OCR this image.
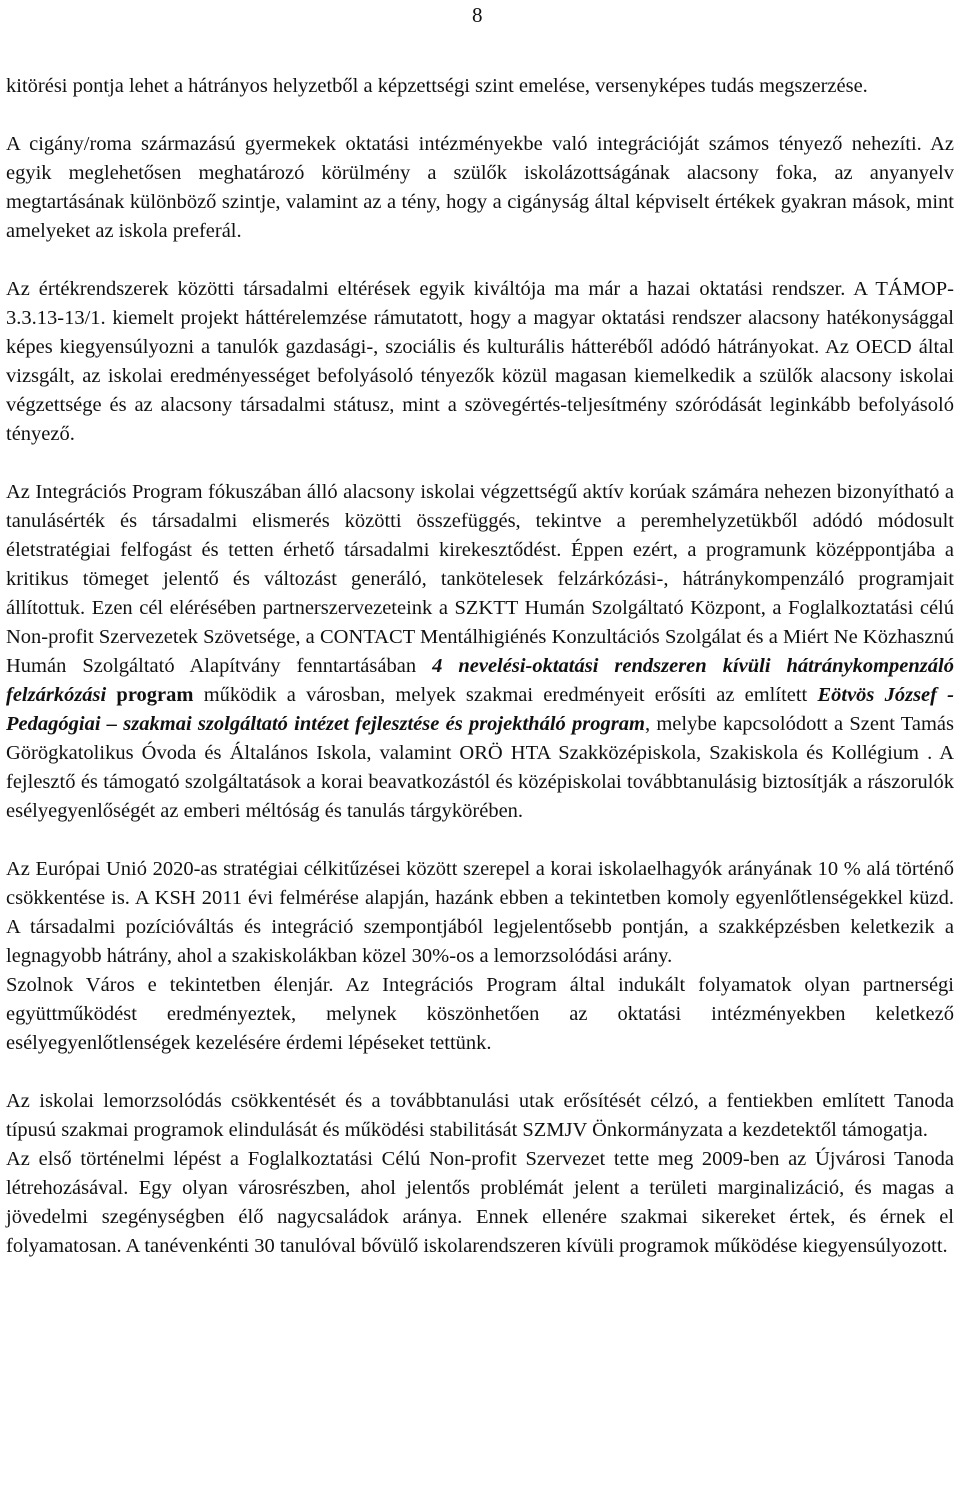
8

kitörési pontja lehet a hátrányos helyzetből a képzettségi szint emelése, versenyképes tudás megszerzése.

A cigány/roma származású gyermekek oktatási intézményekbe való integrációját számos tényező nehezíti. Az egyik meglehetősen meghatározó körülmény a szülők iskolázottságának alacsony foka, az anyanyelv megtartásának különböző szintje, valamint az a tény, hogy a cigányság által képviselt értékek gyakran mások, mint amelyeket az iskola preferál.

Az értékrendszerek közötti társadalmi eltérések egyik kiváltója ma már a hazai oktatási rendszer. A TÁMOP-3.3.13-13/1. kiemelt projekt háttérelemzése rámutatott, hogy a magyar oktatási rendszer alacsony hatékonysággal képes kiegyensúlyozni a tanulók gazdasági-, szociális és kulturális hátteréből adódó hátrányokat. Az OECD által vizsgált, az iskolai eredményességet befolyásoló tényezők közül magasan kiemelkedik a szülők alacsony iskolai végzettsége és az alacsony társadalmi státusz, mint a szövegértés-teljesítmény szóródását leginkább befolyásoló tényező.

Az Integrációs Program fókuszában álló alacsony iskolai végzettségű aktív korúak számára nehezen bizonyítható a tanulásérték és társadalmi elismerés közötti összefüggés, tekintve a peremhelyzetükből adódó módosult életstratégiai felfogást és tetten érhető társadalmi kirekesztődést. Éppen ezért, a programunk középpontjába a kritikus tömeget jelentő és változást generáló, tankötelesek felzárkózási-, hátránykompenzáló programjait állítottuk. Ezen cél elérésében partnerszervezeteink a SZKTT Humán Szolgáltató Központ, a Foglalkoztatási célú Non-profit Szervezetek Szövetsége, a CONTACT Mentálhigiénés Konzultációs Szolgálat és a Miért Ne Közhasznú Humán Szolgáltató Alapítvány fenntartásában 4 nevelési-oktatási rendszeren kívüli hátránykompenzáló felzárkózási program működik a városban, melyek szakmai eredményeit erősíti az említett Eötvös József - Pedagógiai – szakmai szolgáltató intézet fejlesztése és projektháló program, melybe kapcsolódott a Szent Tamás Görögkatolikus Óvoda és Általános Iskola, valamint ORÖ HTA Szakközépiskola, Szakiskola és Kollégium . A fejlesztő és támogató szolgáltatások a korai beavatkozástól és középiskolai továbbtanulásig biztosítják a rászorulók esélyegyenlőségét az emberi méltóság és tanulás tárgykörében.

Az Európai Unió 2020-as stratégiai célkitűzései között szerepel a korai iskolaelhagyók arányának 10 % alá történő csökkentése is. A KSH 2011 évi felmérése alapján, hazánk ebben a tekintetben komoly egyenlőtlenségekkel küzd. A társadalmi pozícióváltás és integráció szempontjából legjelentősebb pontján, a szakképzésben keletkezik a legnagyobb hátrány, ahol a szakiskolákban közel 30%-os a lemorzsolódási arány.

Szolnok Város e tekintetben élenjár. Az Integrációs Program által indukált folyamatok olyan partnerségi együttműködést eredményeztek, melynek köszönhetően az oktatási intézményekben keletkező esélyegyenlőtlenségek kezelésére érdemi lépéseket tettünk.

Az iskolai lemorzsolódás csökkentését és a továbbtanulási utak erősítését célzó, a fentiekben említett Tanoda típusú szakmai programok elindulását és működési stabilitását SZMJV Önkormányzata a kezdetektől támogatja.

Az első történelmi lépést a Foglalkoztatási Célú Non-profit Szervezet tette meg 2009-ben az Újvárosi Tanoda létrehozásával. Egy olyan városrészben, ahol jelentős problémát jelent a területi marginalizáció, és magas a jövedelmi szegénységben élő nagycsaládok aránya. Ennek ellenére szakmai sikereket értek, és érnek el folyamatosan. A tanévenkénti 30 tanulóval bővülő iskolarendszeren kívüli programok működése kiegyensúlyozott.
